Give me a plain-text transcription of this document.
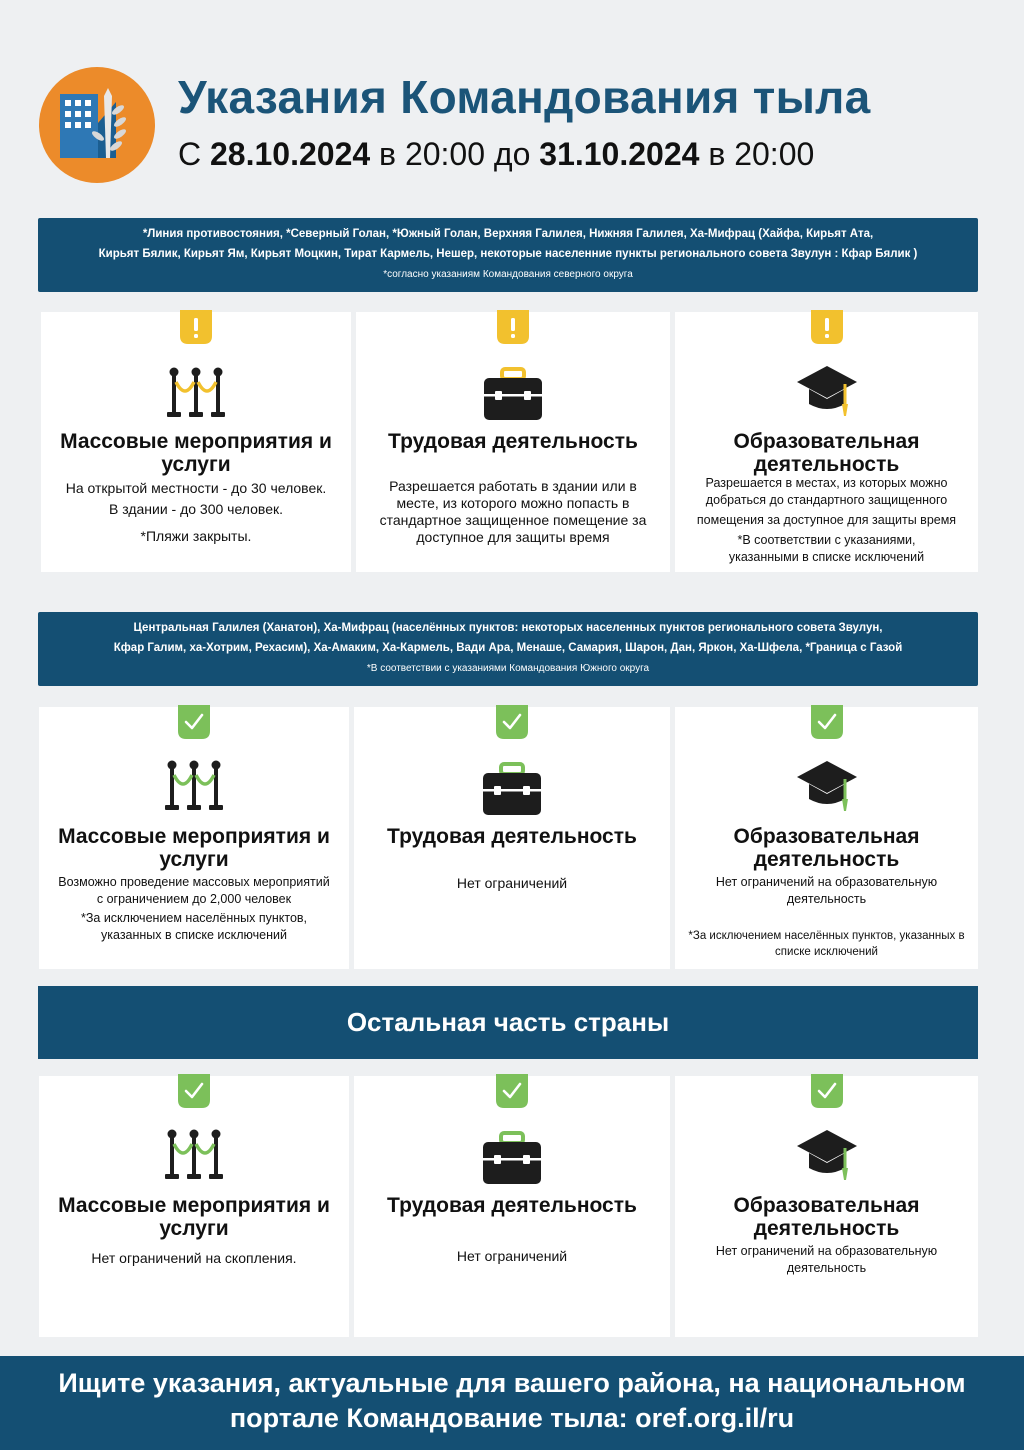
Указания Командования тыла
С 28.10.2024 в 20:00 до 31.10.2024 в 20:00
*Линия противостояния, *Северный Голан, *Южный Голан, Верхняя Галилея, Нижняя Галилея, Ха-Мифрац (Хайфа, Кирьят Ата,
Кирьят Бялик, Кирьят Ям, Кирьят Моцкин, Тират Кармель, Нешер, некоторые населенние пункты регионального совета Звулун : Кфар Бялик )
*согласно указаниям Командования северного округа
Массовые мероприятия и услуги
На открытой местности - до 30 человек.
В здании - до 300 человек.
*Пляжи закрыты.
Трудовая деятельность
Разрешается работать в здании или в месте, из которого можно попасть в стандартное защищенное помещение за доступное для защиты время
Образовательная деятельность
Разрешается в местах, из которых можно добраться до стандартного защищенного
помещения за доступное для защиты время
*В соответствии с указаниями, указанными в списке исключений
Центральная Галилея (Ханатон), Ха-Мифрац (населённых пунктов: некоторых населенных пунктов регионального совета Звулун,
Кфар Галим, ха-Хотрим, Рехасим), Ха-Амаким, Ха-Кармель, Вади Ара, Менаше, Самария, Шарон, Дан, Яркон, Ха-Шфела, *Граница с Газой
*В соответствии с указаниями Командования Южного округа
Массовые мероприятия и услуги
Возможно проведение массовых мероприятий с ограничением до 2,000 человек
*За исключением населённых пунктов, указанных в списке исключений
Трудовая деятельность
Нет ограничений
Образовательная деятельность
Нет ограничений на образовательную деятельность
*За исключением населённых пунктов, указанных в списке исключений
Остальная часть страны
Массовые мероприятия и услуги
Нет ограничений на скопления.
Трудовая деятельность
Нет ограничений
Образовательная деятельность
Нет ограничений на образовательную деятельность
Ищите указания, актуальные для вашего района, на национальном
портале Командование тыла: oref.org.il/ru
